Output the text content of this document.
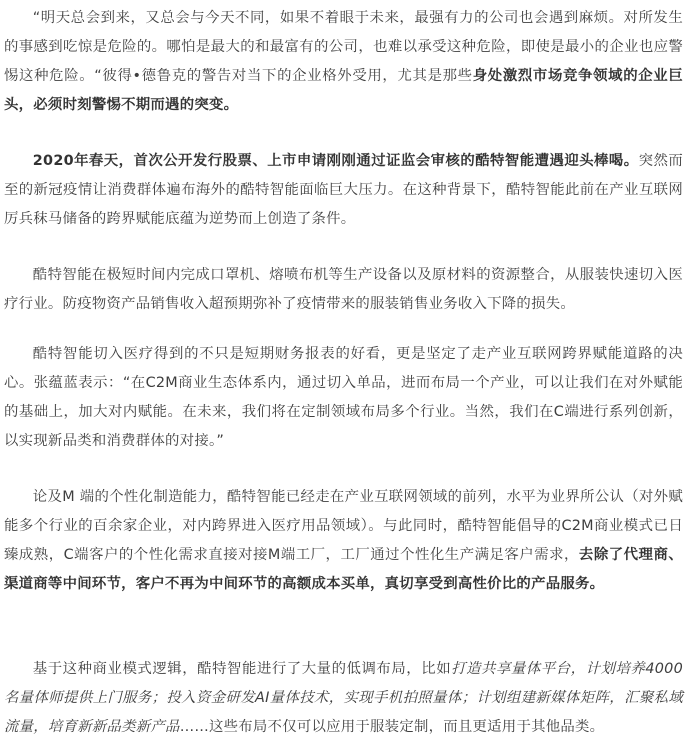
“明天总会到来，又总会与今天不同，如果不着眼于未来，最强有力的公司也会遇到麻烦。对所发生的事感到吃惊是危险的。哪怕是最大的和最富有的公司，也难以承受这种危险，即使是最小的企业也应警惕这种危险。“彼得•德鲁克的警告对当下的企业格外受用，尤其是那些身处激烈市场竞争领域的企业巨头，必须时刻警惕不期而遇的突变。

2020年春天，首次公开发行股票、上市申请刚刚通过证监会审核的酷特智能遭遇迎头棒喝。突然而至的新冠疫情让消费群体遍布海外的酷特智能面临巨大压力。在这种背景下，酷特智能此前在产业互联网厉兵秣马储备的跨界赋能底蕴为逆势而上创造了条件。

酷特智能在极短时间内完成口罩机、熔喷布机等生产设备以及原材料的资源整合，从服装快速切入医疗行业。防疫物资产品销售收入超预期弥补了疫情带来的服装销售业务收入下降的损失。

酷特智能切入医疗得到的不只是短期财务报表的好看，更是坚定了走产业互联网跨界赋能道路的决心。张蕴蓝表示：“在C2M商业生态体系内，通过切入单品，进而布局一个产业，可以让我们在对外赋能的基础上，加大对内赋能。在未来，我们将在定制领域布局多个行业。当然，我们在C端进行系列创新，以实现新品类和消费群体的对接。”

论及M 端的个性化制造能力，酷特智能已经走在产业互联网领域的前列，水平为业界所公认（对外赋能多个行业的百余家企业，对内跨界进入医疗用品领域）。与此同时，酷特智能倡导的C2M商业模式已日臻成熟，C端客户的个性化需求直接对接M端工厂，工厂通过个性化生产满足客户需求，去除了代理商、渠道商等中间环节，客户不再为中间环节的高额成本买单，真切享受到高性价比的产品服务。

基于这种商业模式逻辑，酷特智能进行了大量的低调布局，比如打造共享量体平台，计划培养4000名量体师提供上门服务；投入资金研发AI量体技术，实现手机拍照量体；计划组建新媒体矩阵，汇聚私域流量，培育新新品类新产品……这些布局不仅可以应用于服装定制，而且更适用于其他品类。
